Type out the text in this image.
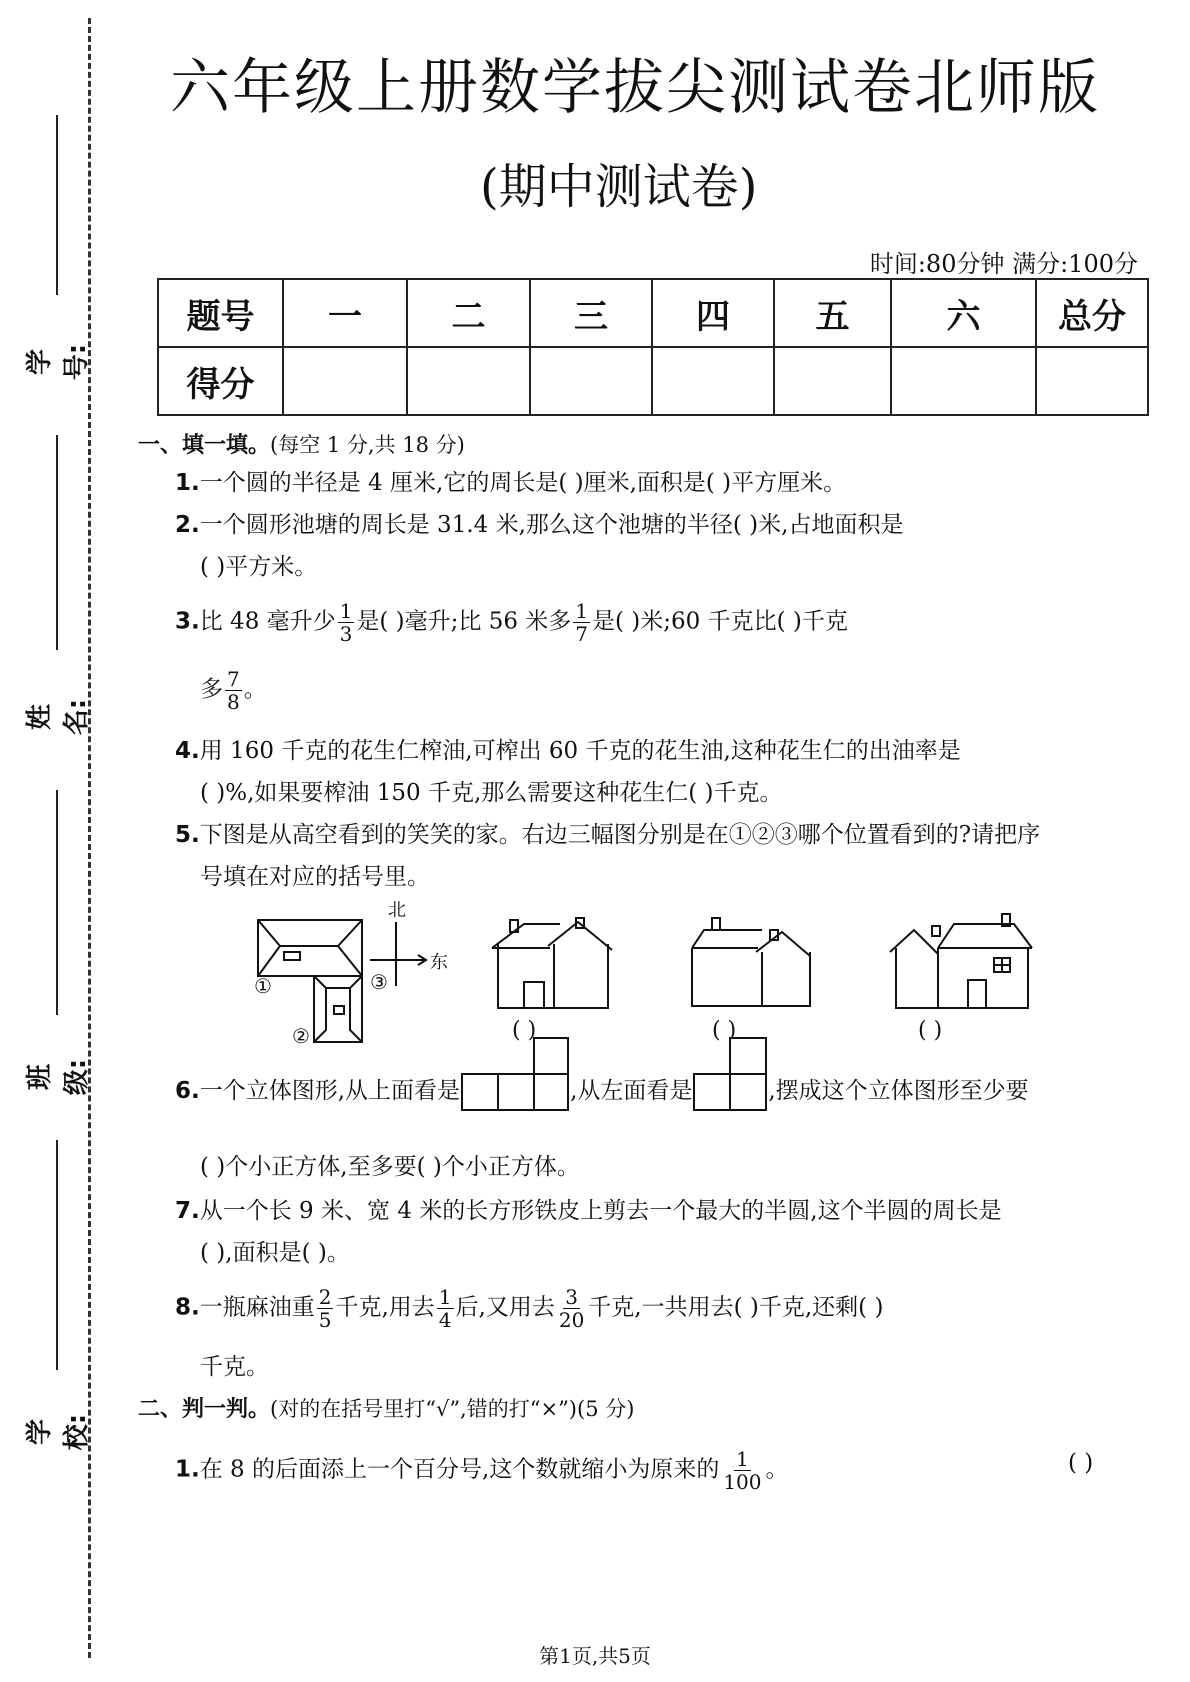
学号:
姓名:
班级:
学校:
六年级上册数学拔尖测试卷北师版
(期中测试卷)
时间:80分钟 满分:100分
题号	一	二	三	四	五	六	总分
得分							
一、填一填。(每空 1 分,共 18 分)
1.一个圆的半径是 4 厘米,它的周长是( )厘米,面积是( )平方厘米。
2.一个圆形池塘的周长是 31.4 米,那么这个池塘的半径( )米,占地面积是
( )平方米。
3.比 48 毫升少 $\frac{1}{3}$ 是( )毫升;比 56 米多 $\frac{1}{7}$ 是( )米;60 千克比( )千克
多 $\frac{7}{8}$ 。
4.用 160 千克的花生仁榨油,可榨出 60 千克的花生油,这种花生仁的出油率是
( )%,如果要榨油 150 千克,那么需要这种花生仁( )千克。
5.下图是从高空看到的笑笑的家。右边三幅图分别是在①②③哪个位置看到的?请把序
号填在对应的括号里。
北
东
①
②
③
( )	( )	( )
6.一个立体图形,从上面看是	,从左面看是	,摆成这个立体图形至少要
( )个小正方体,至多要( )个小正方体。
7.从一个长 9 米、宽 4 米的长方形铁皮上剪去一个最大的半圆,这个半圆的周长是
( ),面积是( )。
8.一瓶麻油重 $\frac{2}{5}$ 千克,用去 $\frac{1}{4}$ 后,又用去 $\frac{3}{20}$ 千克,一共用去( )千克,还剩( )
千克。
二、判一判。(对的在括号里打“√”,错的打“×”)(5 分)
1.在 8 的后面添上一个百分号,这个数就缩小为原来的 $\frac{1}{100}$ 。	( )
第1页,共5页
